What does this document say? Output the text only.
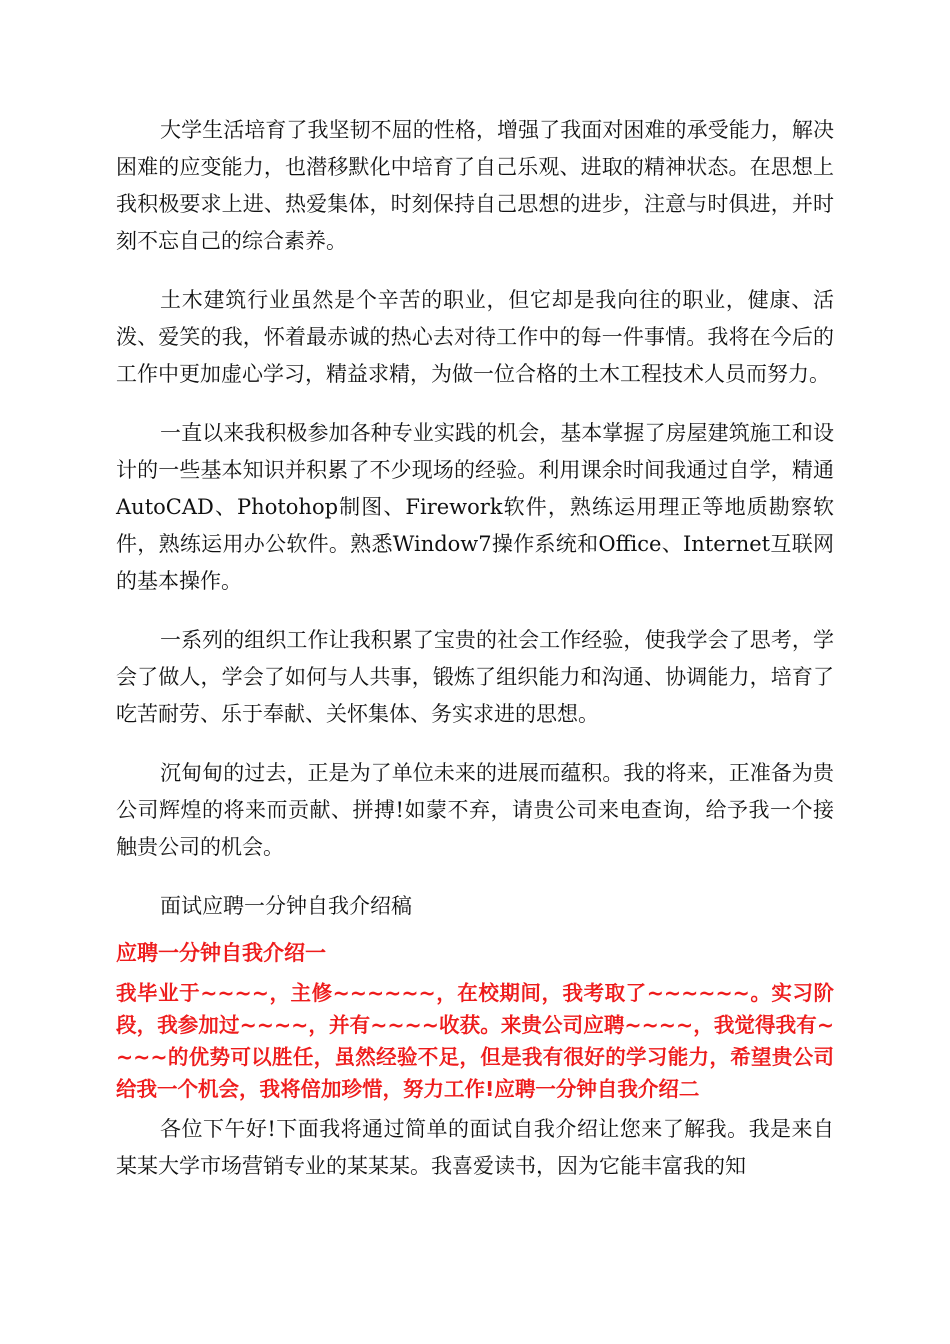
大学生活培育了我坚韧不屈的性格，增强了我面对困难的承受能力，解决困难的应变能力，也潜移默化中培育了自己乐观、进取的精神状态。在思想上我积极要求上进、热爱集体，时刻保持自己思想的进步，注意与时俱进，并时刻不忘自己的综合素养。

土木建筑行业虽然是个辛苦的职业，但它却是我向往的职业，健康、活泼、爱笑的我，怀着最赤诚的热心去对待工作中的每一件事情。我将在今后的工作中更加虚心学习，精益求精，为做一位合格的土木工程技术人员而努力。

一直以来我积极参加各种专业实践的机会，基本掌握了房屋建筑施工和设计的一些基本知识并积累了不少现场的经验。利用课余时间我通过自学，精通AutoCAD、Photohop制图、Firework软件，熟练运用理正等地质勘察软件，熟练运用办公软件。熟悉Window7操作系统和Office、Internet互联网的基本操作。

一系列的组织工作让我积累了宝贵的社会工作经验，使我学会了思考，学会了做人，学会了如何与人共事，锻炼了组织能力和沟通、协调能力，培育了吃苦耐劳、乐于奉献、关怀集体、务实求进的思想。

沉甸甸的过去，正是为了单位未来的进展而蕴积。我的将来，正准备为贵公司辉煌的将来而贡献、拼搏!如蒙不弃，请贵公司来电查询，给予我一个接触贵公司的机会。

面试应聘一分钟自我介绍稿

应聘一分钟自我介绍一
我毕业于~~~~，主修~~~~~~，在校期间，我考取了~~~~~~。实习阶段，我参加过~~~~，并有~~~~收获。来贵公司应聘~~~~，我觉得我有~~~~的优势可以胜任，虽然经验不足，但是我有很好的学习能力，希望贵公司给我一个机会，我将倍加珍惜，努力工作!应聘一分钟自我介绍二

各位下午好!下面我将通过简单的面试自我介绍让您来了解我。我是来自某某大学市场营销专业的某某某。我喜爱读书，因为它能丰富我的知
